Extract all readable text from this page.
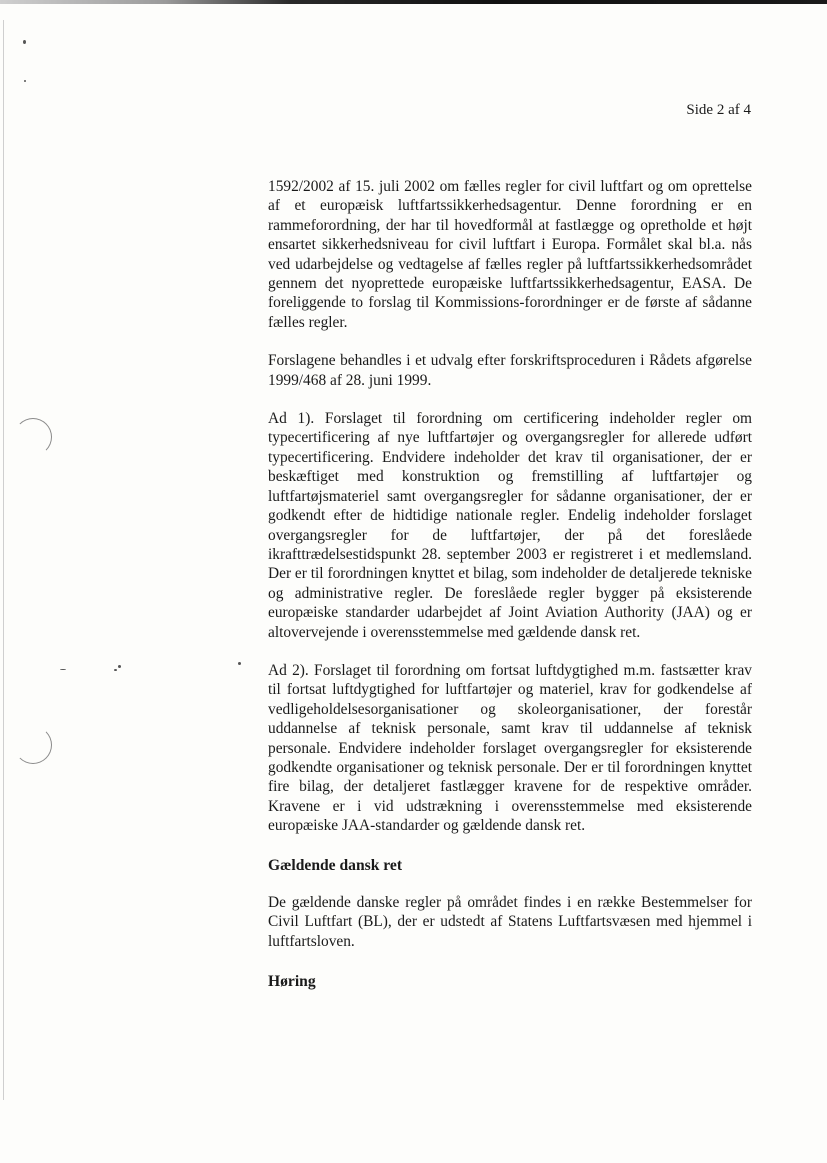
Side 2 af 4

1592/2002 af 15. juli 2002 om fælles regler for civil luftfart og om oprettelse af et europæisk luftfartssikkerhedsagentur. Denne forordning er en rammeforordning, der har til hovedformål at fastlægge og opretholde et højt ensartet sikkerhedsniveau for civil luftfart i Europa. Formålet skal bl.a. nås ved udarbejdelse og vedtagelse af fælles regler på luftfartssikkerhedsområdet gennem det nyoprettede europæiske luftfartssikkerhedsagentur, EASA. De foreliggende to forslag til Kommissions-forordninger er de første af sådanne fælles regler.

Forslagene behandles i et udvalg efter forskriftsproceduren i Rådets afgørelse 1999/468 af 28. juni 1999.

Ad 1). Forslaget til forordning om certificering indeholder regler om typecertificering af nye luftfartøjer og overgangsregler for allerede udført typecertificering. Endvidere indeholder det krav til organisationer, der er beskæftiget med konstruktion og fremstilling af luftfartøjer og luftfartøjsmateriel samt overgangsregler for sådanne organisationer, der er godkendt efter de hidtidige nationale regler. Endelig indeholder forslaget overgangsregler for de luftfartøjer, der på det foreslåede ikrafttrædelsestidspunkt 28. september 2003 er registreret i et medlemsland. Der er til forordningen knyttet et bilag, som indeholder de detaljerede tekniske og administrative regler. De foreslåede regler bygger på eksisterende europæiske standarder udarbejdet af Joint Aviation Authority (JAA) og er altovervejende i overensstemmelse med gældende dansk ret.

Ad 2). Forslaget til forordning om fortsat luftdygtighed m.m. fastsætter krav til fortsat luftdygtighed for luftfartøjer og materiel, krav for godkendelse af vedligeholdelsesorganisationer og skoleorganisationer, der forestår uddannelse af teknisk personale, samt krav til uddannelse af teknisk personale. Endvidere indeholder forslaget overgangsregler for eksisterende godkendte organisationer og teknisk personale. Der er til forordningen knyttet fire bilag, der detaljeret fastlægger kravene for de respektive områder. Kravene er i vid udstrækning i overensstemmelse med eksisterende europæiske JAA-standarder og gældende dansk ret.

Gældende dansk ret

De gældende danske regler på området findes i en række Bestemmelser for Civil Luftfart (BL), der er udstedt af Statens Luftfartsvæsen med hjemmel i luftfartsloven.

Høring
